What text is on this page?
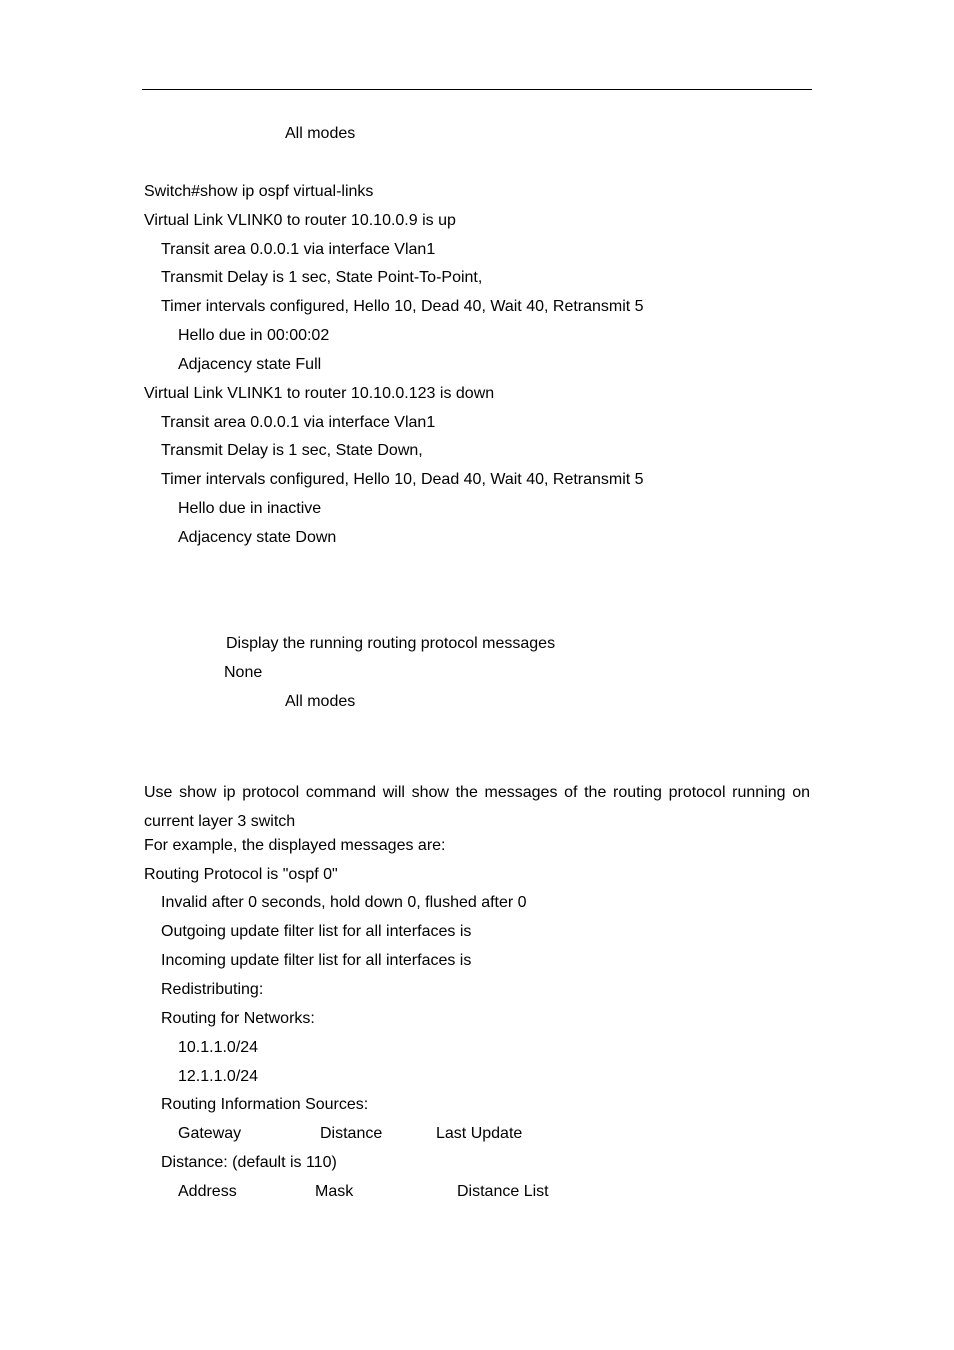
All modes
Switch#show ip ospf virtual-links
Virtual Link VLINK0 to router 10.10.0.9 is up
Transit area 0.0.0.1 via interface Vlan1
Transmit Delay is 1 sec, State Point-To-Point,
Timer intervals configured, Hello 10, Dead 40, Wait 40, Retransmit 5
Hello due in 00:00:02
Adjacency state Full
Virtual Link VLINK1 to router 10.10.0.123 is down
Transit area 0.0.0.1 via interface Vlan1
Transmit Delay is 1 sec, State Down,
Timer intervals configured, Hello 10, Dead 40, Wait 40, Retransmit 5
Hello due in inactive
Adjacency state Down
Display the running routing protocol messages
None
All modes
Use show ip protocol command will show the messages of the routing protocol running on current layer 3 switch
For example, the displayed messages are:
Routing Protocol is "ospf 0"
Invalid after 0 seconds, hold down 0, flushed after 0
Outgoing update filter list for all interfaces is
Incoming update filter list for all interfaces is
Redistributing:
Routing for Networks:
10.1.1.0/24
12.1.1.0/24
Routing Information Sources:
Gateway	Distance	Last Update
Distance: (default is 110)
Address	Mask	Distance List
